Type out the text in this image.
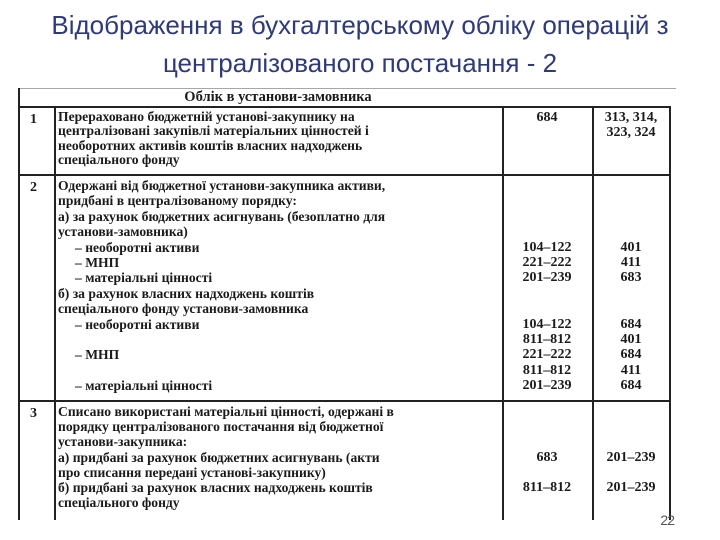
Відображення в бухгалтерському обліку операцій з централізованого постачання - 2
Облік в установи-замовника
1 Перераховано бюджетній установі-закупнику на
централізовані закупівлі матеріальних цінностей і
необоротних активів коштів власних надходжень
спеціального фонду
684	313, 314,
323, 324
2 Одержані від бюджетної установи-закупника активи,
придбані в централізованому порядку:
а) за рахунок бюджетних асигнувань (безоплатно для
установи-замовника)
– необоротні активи
– МНП
– матеріальні цінності
б) за рахунок власних надходжень коштів
спеціального фонду установи-замовника
– необоротні активи

– МНП

– матеріальні цінності

104–122
221–222
201–239

104–122
811–812
221–222
811–812
201–239

401
411
683

684
401
684
411
684
3 Списано використані матеріальні цінності, одержані в
порядку централізованого постачання від бюджетної
установи-закупника:
а) придбані за рахунок бюджетних асигнувань (акти
про списання передані установі-закупнику)
б) придбані за рахунок власних надходжень коштів
спеціального фонду

683

811–812

201–239

201–239
22
